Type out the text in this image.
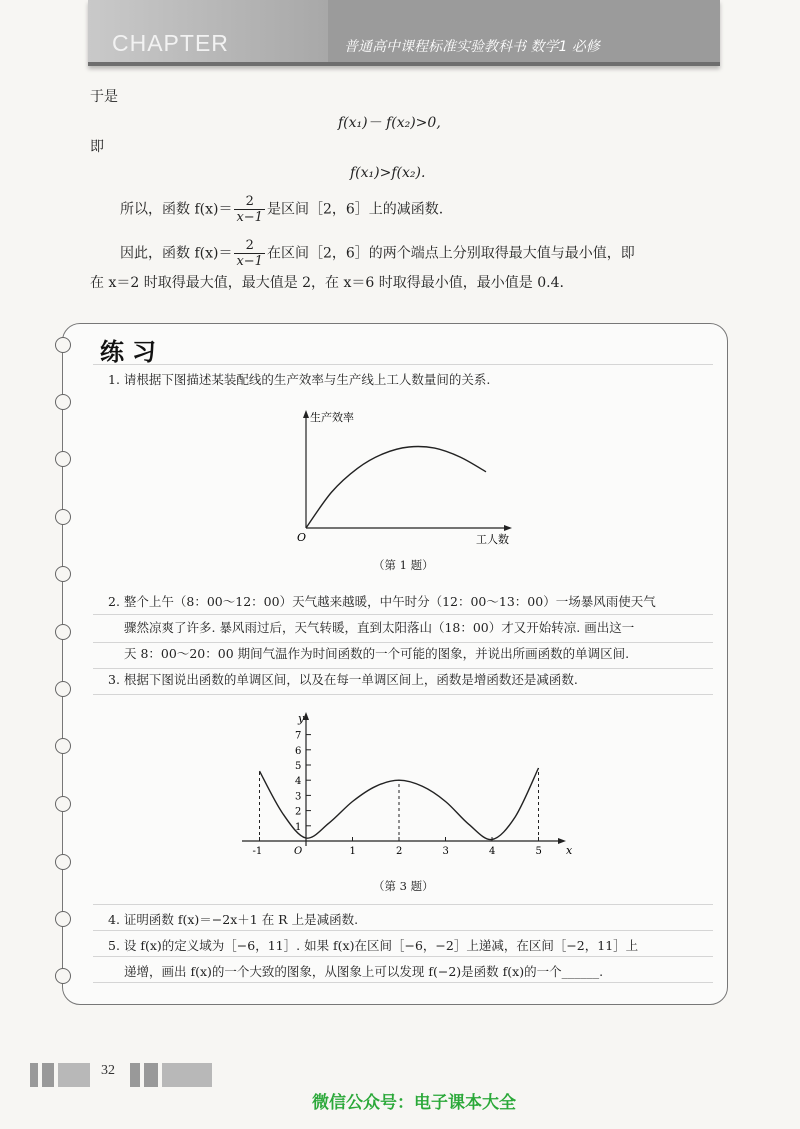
CHAPTER	普通高中课程标准实验教科书 数学1 必修
于是
f(x₁)－ f(x₂)>0,
即
f(x₁)>f(x₂).
所以，函数 $f(x)= \frac{2}{x-1}$ 是区间［2，6］上的减函数.
因此，函数 $f(x)= \frac{2}{x-1}$ 在区间［2，6］的两个端点上分别取得最大值与最小值，即
在 x＝2 时取得最大值，最大值是 2，在 x＝6 时取得最小值，最小值是 0.4.
练习
1. 请根据下图描述某装配线的生产效率与生产线上工人数量间的关系.
生产效率
工人数
O
（第 1 题）
2. 整个上午（8：00～12：00）天气越来越暖，中午时分（12：00～13：00）一场暴风雨使天气
骤然凉爽了许多. 暴风雨过后，天气转暖，直到太阳落山（18：00）才又开始转凉. 画出这一
天 8：00～20：00 期间气温作为时间函数的一个可能的图象，并说出所画函数的单调区间.
3. 根据下图说出函数的单调区间，以及在每一单调区间上，函数是增函数还是减函数.
1
2
3
4
5
6
7
-1	O	1	2	3	4	5
y
x
（第 3 题）
4. 证明函数 f(x)＝−2x＋1 在 R 上是减函数.
5. 设 f(x)的定义域为［−6，11］. 如果 f(x)在区间［−6，−2］上递减，在区间［−2，11］上
递增，画出 f(x)的一个大致的图象，从图象上可以发现 f(−2)是函数 f(x)的一个______.
32
微信公众号：电子课本大全
